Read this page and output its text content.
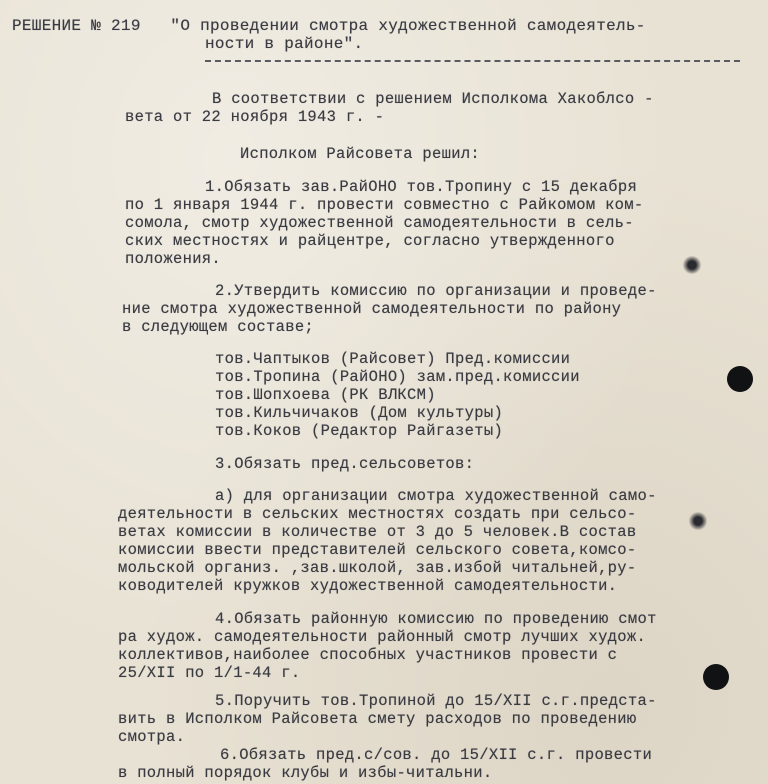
РЕШЕНИЕ № 219   "О проведении смотра художественной самодеятель-
ности в районе".
В соответствии с решением Исполкома Хакоблсо -
вета от 22 ноября 1943 г. -
Исполком Райсовета решил:
1.Обязать зав.РайОНО тов.Тропину с 15 декабря
по 1 января 1944 г. провести совместно с Райкомом ком-
сомола, смотр художественной самодеятельности в сель-
ских местностях и райцентре, согласно утвержденного
положения.
2.Утвердить комиссию по организации и проведе-
ние смотра художественной самодеятельности по району
в следующем составе;
тов.Чаптыков (Райсовет) Пред.комиссии
тов.Тропина (РайОНО) зам.пред.комиссии
тов.Шопхоева (РК ВЛКСМ)
тов.Кильчичаков (Дом культуры)
тов.Коков (Редактор Райгазеты)
3.Обязать пред.сельсоветов:
а) для организации смотра художественной само-
деятельности в сельских местностях создать при сельсо-
ветах комиссии в количестве от 3 до 5 человек.В состав
комиссии ввести представителей сельского совета,комсо-
мольской организ. ,зав.школой, зав.избой читальней,ру-
ководителей кружков художественной самодеятельности.
4.Обязать районную комиссию по проведению смот
ра худож. самодеятельности районный смотр лучших худож.
коллективов,наиболее способных участников провести с
25/XII по 1/1-44 г.
5.Поручить тов.Тропиной до 15/XII с.г.предста-
вить в Исполком Райсовета смету расходов по проведению
смотра.
6.Обязать пред.с/сов. до 15/XII с.г. провести
в полный порядок клубы и избы-читальни.
